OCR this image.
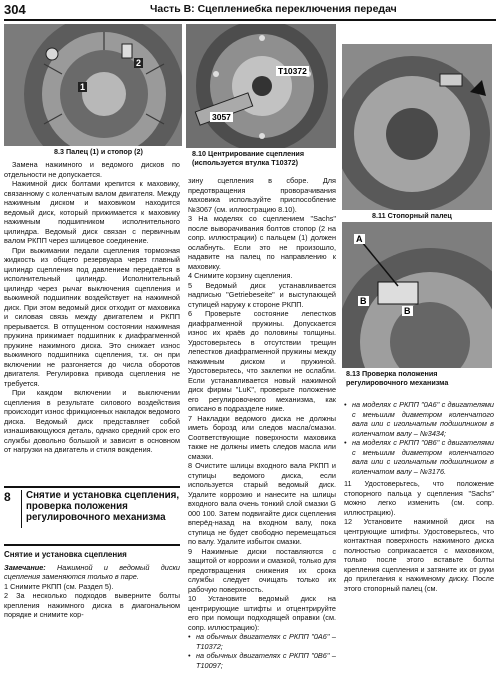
304	Часть B: Сцеплениебка переключения передач
1
2
8.3 Палец (1) и стопор (2)
T10372
3057
8.10 Центрирование сцепления (используется втулка T10372)
8.11 Стопорный палец
A
B
B
8.13 Проверка положения регулировочного механизма

Замена нажимного и ведомого дисков по отдельности не допускается.

Нажимной диск болтами крепится к маховику, связанному с коленчатым валом двигателя. Между нажимным диском и маховиком находится ведомый диск, который прижимается к маховику нажимным подшипником исполнительного цилиндра. Ведомый диск связан с первичным валом РКПП через шлицевое соединение.

При выжимании педали сцепления тормозная жидкость из общего резервуара через главный цилиндр сцепления под давлением передаётся в исполнительный цилиндр. Исполнительный цилиндр через рычаг выключения сцепления и выжимной подшипник воздействует на нажимной диск. При этом ведомый диск отходит от маховика и силовая связь между двигателем и РКПП прерывается. В отпущенном состоянии нажимная пружина прижимает подшипник к диафрагменной пружине нажимного диска. Это снижает износ выжимного подшипника сцепления, т.к. он при включении не разгоняется до числа оборотов двигателя. Регулировка привода сцепления не требуется.

При каждом включении и выключении сцепления в результате силового воздействия происходит износ фрикционных накладок ведомого диска. Ведомый диск представляет собой изнашивающуюся деталь, однако средний срок его службы довольно большой и зависит в основном от нагрузки на двигатель и стиля вождения.

8	Снятие и установка сцепления, проверка положения регулировочного механизма

Снятие и установка сцепления

Замечание: Нажимной и ведомый диски сцепления заменяются только в паре.

1 Снимите РКПП (см. Раздел 5).

2 За несколько подходов выверните болты крепления нажимного диска в диагональном порядке и снимите кор-

зину сцепления в сборе. Для предотвращения проворачивания маховика используйте приспособление №3067 (см. иллюстрацию 8.10).

3 На моделях со сцеплением "Sachs" после выворачивания болтов стопор (2 на сопр. иллюстрации) с пальцем (1) должен ослабнуть. Если это не произошло, надавите на палец по направлению к маховику.

4 Снимите корзину сцепления.

5 Ведомый диск устанавливается надписью "Getriebeseite" и выступающей ступицей наружу к стороне РКПП.

6 Проверьте состояние лепестков диафрагменной пружины. Допускается износ их краёв до половины толщины. Удостоверьтесь в отсутствии трещин лепестков диафрагменной пружины между нажимным диском и пружиной. Удостоверьтесь, что заклепки не ослабли. Если устанавливается новый нажимной диск фирмы "LuK", проверьте положение его регулировочного механизма, как описано в подразделе ниже.

7 Накладки ведомого диска не должны иметь борозд или следов масла/смазки. Соответствующие поверхности маховика также не должны иметь следов масла или смазки.

8 Очистите шлицы входного вала РКПП и ступицы ведомого диска, если используется старый ведомый диск. Удалите коррозию и нанесите на шлицы входного вала очень тонкий слой смазки G 000 100. Затем подвигайте диск сцепления вперёд-назад на входном валу, пока ступица не будет свободно перемещаться по валу. Удалите избыток смазки.

9 Нажимные диски поставляются с защитой от коррозии и смазкой, только для предотвращения снижения их срока службы следует очищать только их рабочую поверхность.

10 Установите ведомый диск на центрирующие штифты и отцентрируйте его при помощи подходящей оправки (см. сопр. иллюстрацию):

• на обычных двигателях с РКПП "0А6" – T10372;

• на обычных двигателях с РКПП "0В6" – T10097;

• на моделях с РКПП "0А6" с двигателями с меньшим диаметром коленчатого вала или с игольчатым подшипником в коленчатом валу – №3434;

• на моделях с РКПП "0В6" с двигателями с меньшим диаметром коленчатого вала или с игольчатым подшипником в коленчатом валу – №3176.

11 Удостоверьтесь, что положение стопорного пальца у сцепления "Sachs" можно легко изменить (см. сопр. иллюстрацию).

12 Установите нажимной диск на центрующие штифты. Удостоверьтесь, что контактная поверхность нажимного диска полностью соприкасается с маховиком, только после этого вставьте болты крепления сцепления и затяните их от руки до прилегания к нажимному диску. После этого стопорный палец (см.
